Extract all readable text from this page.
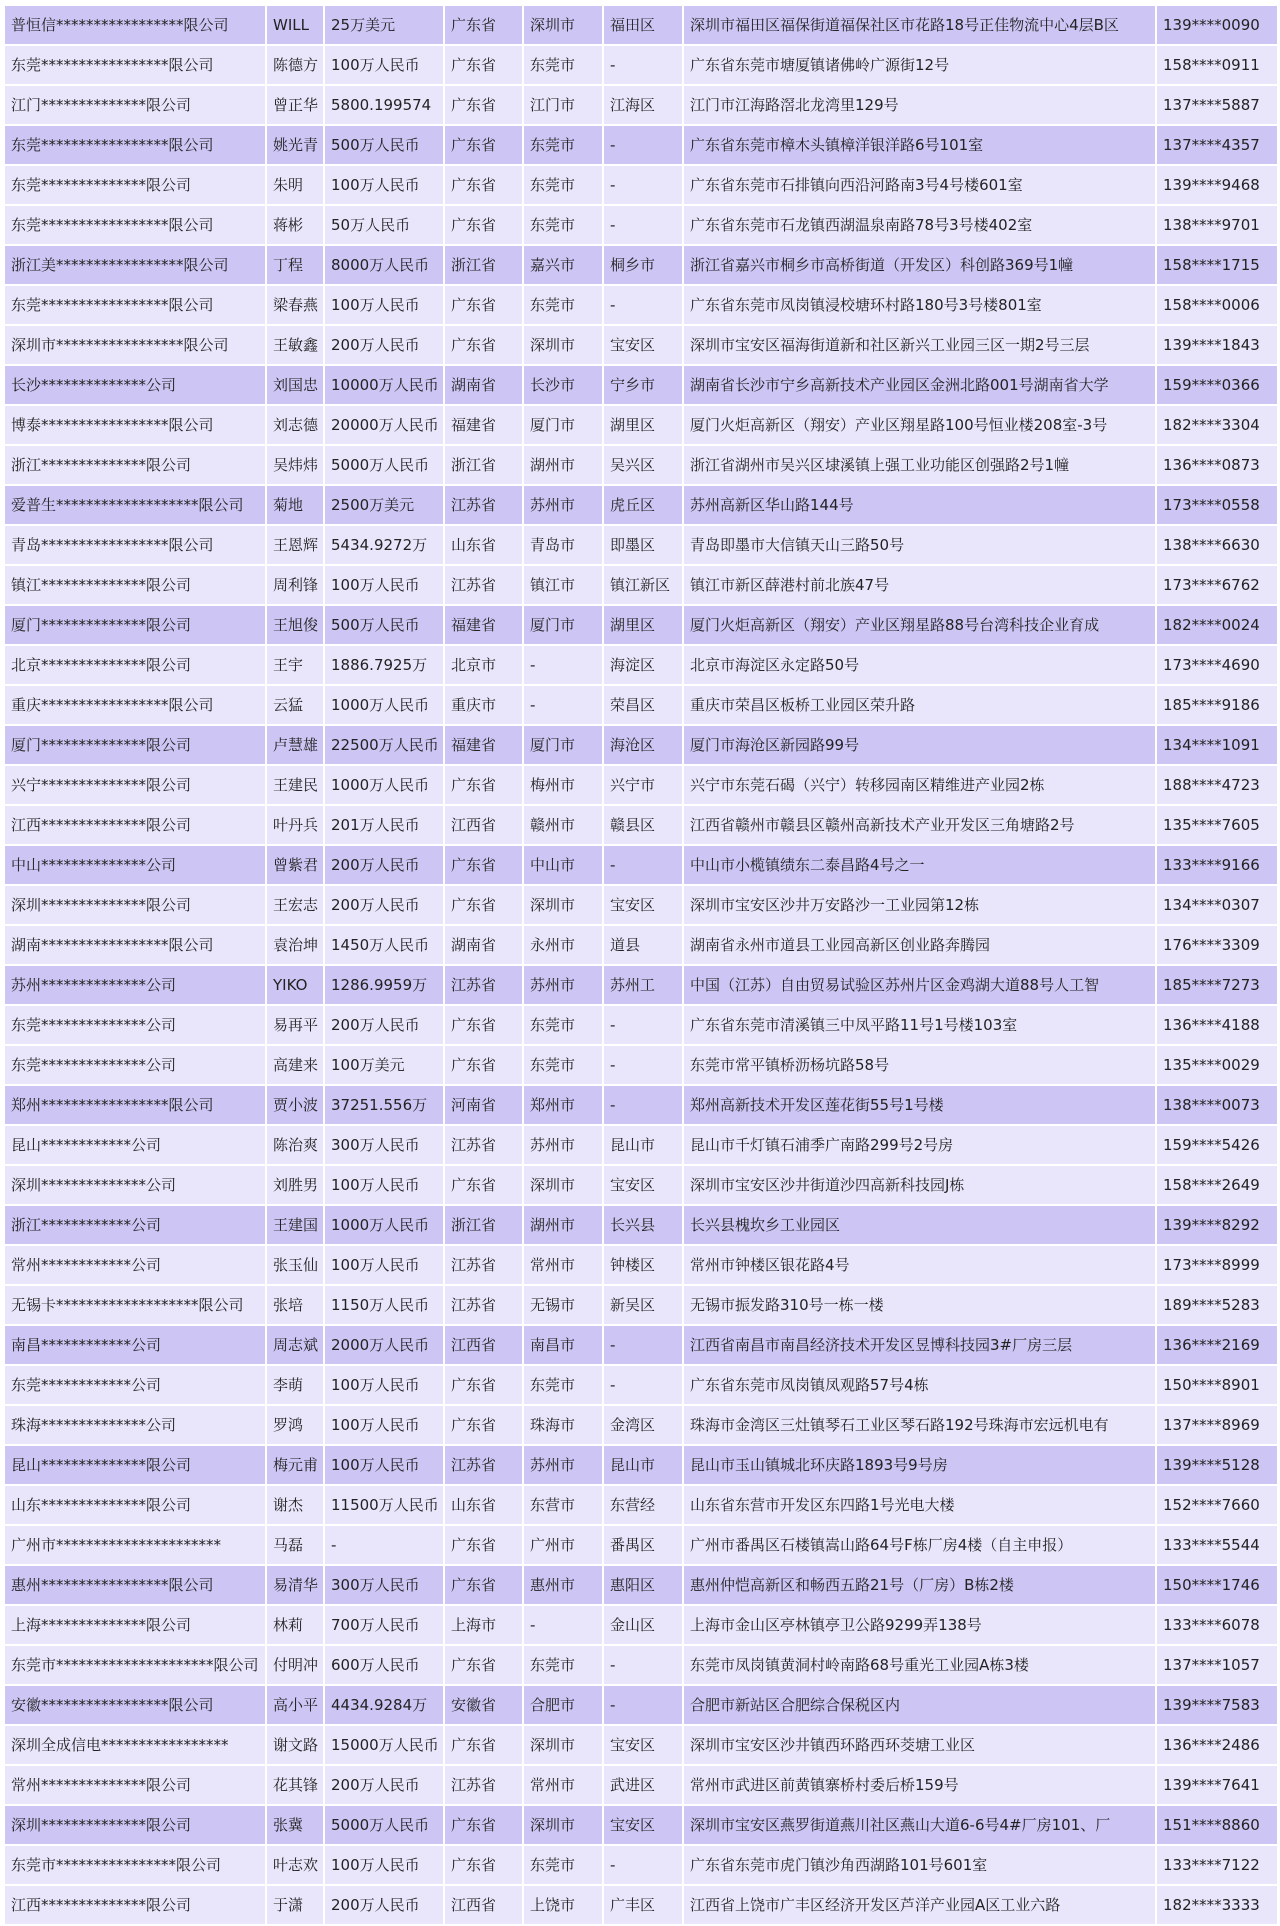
普恒信*****************限公司	WILL	25万美元	广东省	深圳市	福田区	深圳市福田区福保街道福保社区市花路18号正佳物流中心4层B区	139****0090
东莞*****************限公司	陈德方	100万人民币	广东省	东莞市	-	广东省东莞市塘厦镇诸佛岭广源街12号	158****0911
江门**************限公司	曾正华	5800.199574	广东省	江门市	江海区	江门市江海路滘北龙湾里129号	137****5887
东莞*****************限公司	姚光青	500万人民币	广东省	东莞市	-	广东省东莞市樟木头镇樟洋银洋路6号101室	137****4357
东莞**************限公司	朱明	100万人民币	广东省	东莞市	-	广东省东莞市石排镇向西沿河路南3号4号楼601室	139****9468
东莞*****************限公司	蒋彬	50万人民币	广东省	东莞市	-	广东省东莞市石龙镇西湖温泉南路78号3号楼402室	138****9701
浙江美*****************限公司	丁程	8000万人民币	浙江省	嘉兴市	桐乡市	浙江省嘉兴市桐乡市高桥街道（开发区）科创路369号1幢	158****1715
东莞*****************限公司	梁春燕	100万人民币	广东省	东莞市	-	广东省东莞市凤岗镇浸校塘环村路180号3号楼801室	158****0006
深圳市*****************限公司	王敏鑫	200万人民币	广东省	深圳市	宝安区	深圳市宝安区福海街道新和社区新兴工业园三区一期2号三层	139****1843
长沙**************公司	刘国忠	10000万人民币	湖南省	长沙市	宁乡市	湖南省长沙市宁乡高新技术产业园区金洲北路001号湖南省大学	159****0366
博泰*****************限公司	刘志德	20000万人民币	福建省	厦门市	湖里区	厦门火炬高新区（翔安）产业区翔星路100号恒业楼208室-3号	182****3304
浙江**************限公司	吴炜炜	5000万人民币	浙江省	湖州市	吴兴区	浙江省湖州市吴兴区埭溪镇上强工业功能区创强路2号1幢	136****0873
爱普生*******************限公司	菊地	2500万美元	江苏省	苏州市	虎丘区	苏州高新区华山路144号	173****0558
青岛*****************限公司	王恩辉	5434.9272万	山东省	青岛市	即墨区	青岛即墨市大信镇天山三路50号	138****6630
镇江**************限公司	周利锋	100万人民币	江苏省	镇江市	镇江新区	镇江市新区薛港村前北族47号	173****6762
厦门**************限公司	王旭俊	500万人民币	福建省	厦门市	湖里区	厦门火炬高新区（翔安）产业区翔星路88号台湾科技企业育成	182****0024
北京**************限公司	王宇	1886.7925万	北京市	-	海淀区	北京市海淀区永定路50号	173****4690
重庆*****************限公司	云猛	1000万人民币	重庆市	-	荣昌区	重庆市荣昌区板桥工业园区荣升路	185****9186
厦门**************限公司	卢慧雄	22500万人民币	福建省	厦门市	海沧区	厦门市海沧区新园路99号	134****1091
兴宁**************限公司	王建民	1000万人民币	广东省	梅州市	兴宁市	兴宁市东莞石碣（兴宁）转移园南区精维进产业园2栋	188****4723
江西**************限公司	叶丹兵	201万人民币	江西省	赣州市	赣县区	江西省赣州市赣县区赣州高新技术产业开发区三角塘路2号	135****7605
中山**************公司	曾紫君	200万人民币	广东省	中山市	-	中山市小榄镇绩东二泰昌路4号之一	133****9166
深圳**************限公司	王宏志	200万人民币	广东省	深圳市	宝安区	深圳市宝安区沙井万安路沙一工业园第12栋	134****0307
湖南*****************限公司	袁治坤	1450万人民币	湖南省	永州市	道县	湖南省永州市道县工业园高新区创业路奔腾园	176****3309
苏州**************公司	YIKO	1286.9959万	江苏省	苏州市	苏州工	中国（江苏）自由贸易试验区苏州片区金鸡湖大道88号人工智	185****7273
东莞**************公司	易再平	200万人民币	广东省	东莞市	-	广东省东莞市清溪镇三中凤平路11号1号楼103室	136****4188
东莞**************公司	高建来	100万美元	广东省	东莞市	-	东莞市常平镇桥沥杨坑路58号	135****0029
郑州*****************限公司	贾小波	37251.556万	河南省	郑州市	-	郑州高新技术开发区莲花街55号1号楼	138****0073
昆山************公司	陈治爽	300万人民币	江苏省	苏州市	昆山市	昆山市千灯镇石浦季广南路299号2号房	159****5426
深圳**************公司	刘胜男	100万人民币	广东省	深圳市	宝安区	深圳市宝安区沙井街道沙四高新科技园J栋	158****2649
浙江************公司	王建国	1000万人民币	浙江省	湖州市	长兴县	长兴县槐坎乡工业园区	139****8292
常州************公司	张玉仙	100万人民币	江苏省	常州市	钟楼区	常州市钟楼区银花路4号	173****8999
无锡卡*******************限公司	张培	1150万人民币	江苏省	无锡市	新吴区	无锡市振发路310号一栋一楼	189****5283
南昌************公司	周志斌	2000万人民币	江西省	南昌市	-	江西省南昌市南昌经济技术开发区昱博科技园3#厂房三层	136****2169
东莞************公司	李萌	100万人民币	广东省	东莞市	-	广东省东莞市凤岗镇凤观路57号4栋	150****8901
珠海**************公司	罗鸿	100万人民币	广东省	珠海市	金湾区	珠海市金湾区三灶镇琴石工业区琴石路192号珠海市宏远机电有	137****8969
昆山**************限公司	梅元甫	100万人民币	江苏省	苏州市	昆山市	昆山市玉山镇城北环庆路1893号9号房	139****5128
山东**************限公司	谢杰	11500万人民币	山东省	东营市	东营经	山东省东营市开发区东四路1号光电大楼	152****7660
广州市**********************	马磊	-	广东省	广州市	番禺区	广州市番禺区石楼镇嵩山路64号F栋厂房4楼（自主申报）	133****5544
惠州*****************限公司	易清华	300万人民币	广东省	惠州市	惠阳区	惠州仲恺高新区和畅西五路21号（厂房）B栋2楼	150****1746
上海**************限公司	林莉	700万人民币	上海市	-	金山区	上海市金山区亭林镇亭卫公路9299弄138号	133****6078
东莞市*********************限公司	付明冲	600万人民币	广东省	东莞市	-	东莞市凤岗镇黄洞村岭南路68号重光工业园A栋3楼	137****1057
安徽*****************限公司	高小平	4434.9284万	安徽省	合肥市	-	合肥市新站区合肥综合保税区内	139****7583
深圳全成信电*****************	谢文路	15000万人民币	广东省	深圳市	宝安区	深圳市宝安区沙井镇西环路西环茭塘工业区	136****2486
常州**************限公司	花其锋	200万人民币	江苏省	常州市	武进区	常州市武进区前黄镇寨桥村委后桥159号	139****7641
深圳**************限公司	张冀	5000万人民币	广东省	深圳市	宝安区	深圳市宝安区燕罗街道燕川社区燕山大道6-6号4#厂房101、厂	151****8860
东莞市****************限公司	叶志欢	100万人民币	广东省	东莞市	-	广东省东莞市虎门镇沙角西湖路101号601室	133****7122
江西**************限公司	于潇	200万人民币	江西省	上饶市	广丰区	江西省上饶市广丰区经济开发区芦洋产业园A区工业六路	182****3333
